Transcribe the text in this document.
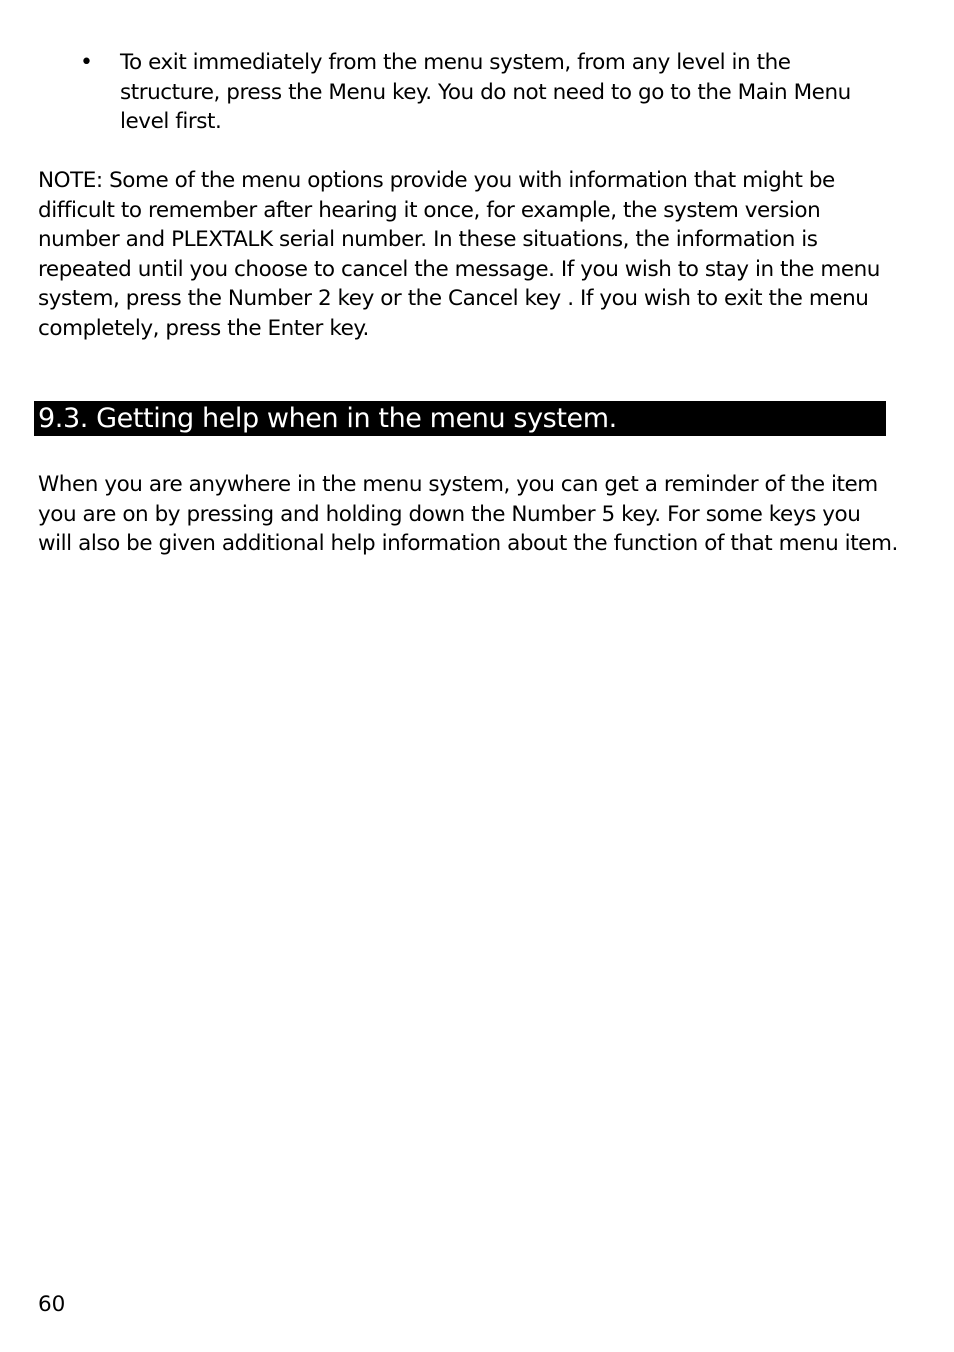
• To exit immediately from the menu system, from any level in the structure, press the Menu key. You do not need to go to the Main Menu level first.
NOTE: Some of the menu options provide you with information that might be difficult to remember after hearing it once, for example, the system version number and PLEXTALK serial number. In these situations, the information is repeated until you choose to cancel the message. If you wish to stay in the menu system, press the Number 2 key or the Cancel key . If you wish to exit the menu completely, press the Enter key.
9.3. Getting help when in the menu system.
When you are anywhere in the menu system, you can get a reminder of the item you are on by pressing and holding down the Number 5 key. For some keys you will also be given additional help information about the function of that menu item.
60
